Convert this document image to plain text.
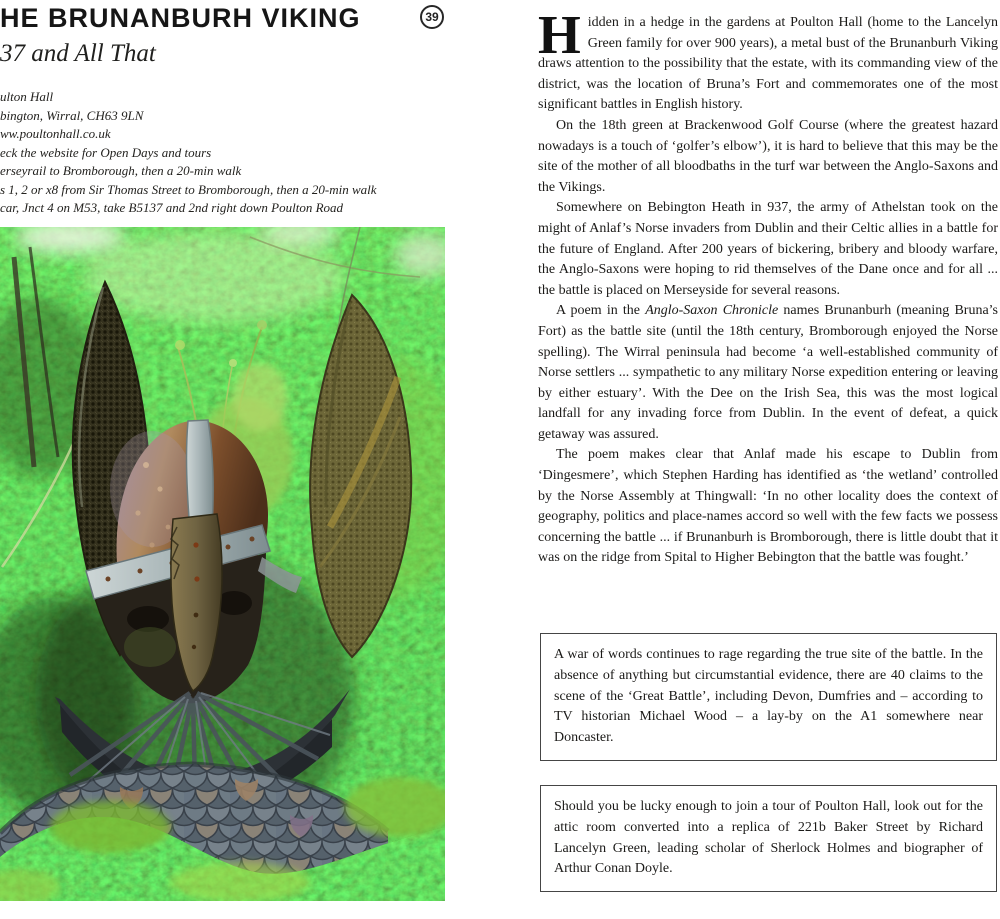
HE BRUNANBURH VIKING	39
37 and All That
ulton Hall
bington, Wirral, CH63 9LN
ww.poultonhall.co.uk
eck the website for Open Days and tours
erseyrail to Bromborough, then a 20-min walk
s 1, 2 or x8 from Sir Thomas Street to Bromborough, then a 20-min walk
car, Jnct 4 on M53, take B5137 and 2nd right down Poulton Road

Hidden in a hedge in the gardens at Poulton Hall (home to the Lancelyn Green family for over 900 years), a metal bust of the Brunanburh Viking draws attention to the possibility that the estate, with its commanding view of the district, was the location of Bruna’s Fort and commemorates one of the most significant battles in English history.

On the 18th green at Brackenwood Golf Course (where the greatest hazard nowadays is a touch of ‘golfer’s elbow’), it is hard to believe that this may be the site of the mother of all bloodbaths in the turf war between the Anglo-Saxons and the Vikings.

Somewhere on Bebington Heath in 937, the army of Athelstan took on the might of Anlaf’s Norse invaders from Dublin and their Celtic allies in a battle for the future of England. After 200 years of bickering, bribery and bloody warfare, the Anglo-Saxons were hoping to rid themselves of the Dane once and for all ... the battle is placed on Merseyside for several reasons.

A poem in the Anglo-Saxon Chronicle names Brunanburh (meaning Bruna’s Fort) as the battle site (until the 18th century, Bromborough enjoyed the Norse spelling). The Wirral peninsula had become ‘a well-established community of Norse settlers ... sympathetic to any military Norse expedition entering or leaving by either estuary’. With the Dee on the Irish Sea, this was the most logical landfall for any invading force from Dublin. In the event of defeat, a quick getaway was assured.

The poem makes clear that Anlaf made his escape to Dublin from ‘Dingesmere’, which Stephen Harding has identified as ‘the wetland’ controlled by the Norse Assembly at Thingwall: ‘In no other locality does the context of geography, politics and place-names accord so well with the few facts we possess concerning the battle ... if Brunanburh is Bromborough, there is little doubt that it was on the ridge from Spital to Higher Bebington that the battle was fought.’

A war of words continues to rage regarding the true site of the battle. In the absence of anything but circumstantial evidence, there are 40 claims to the scene of the ‘Great Battle’, including Devon, Dumfries and – according to TV historian Michael Wood – a lay-by on the A1 somewhere near Doncaster.
Should you be lucky enough to join a tour of Poulton Hall, look out for the attic room converted into a replica of 221b Baker Street by Richard Lancelyn Green, leading scholar of Sherlock Holmes and biographer of Arthur Conan Doyle.
